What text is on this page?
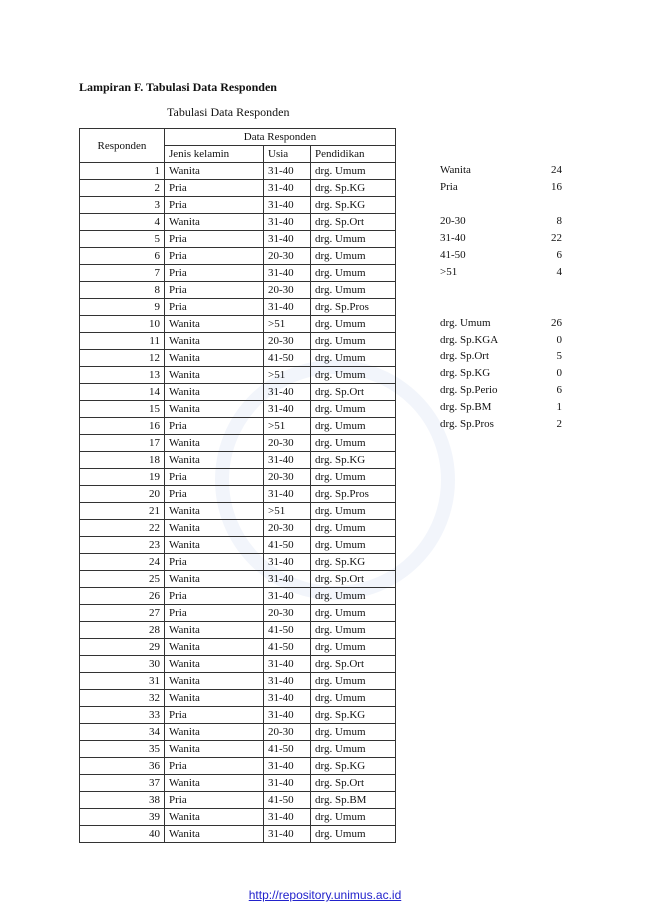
Lampiran F. Tabulasi Data Responden
Tabulasi Data Responden
Responden	Data Responden		
	Jenis kelamin	Usia	Pendidikan
1	Wanita	31-40	drg. Umum
2	Pria	31-40	drg. Sp.KG
3	Pria	31-40	drg. Sp.KG
4	Wanita	31-40	drg. Sp.Ort
5	Pria	31-40	drg. Umum
6	Pria	20-30	drg. Umum
7	Pria	31-40	drg. Umum
8	Pria	20-30	drg. Umum
9	Pria	31-40	drg. Sp.Pros
10	Wanita	>51	drg. Umum
11	Wanita	20-30	drg. Umum
12	Wanita	41-50	drg. Umum
13	Wanita	>51	drg. Umum
14	Wanita	31-40	drg. Sp.Ort
15	Wanita	31-40	drg. Umum
16	Pria	>51	drg. Umum
17	Wanita	20-30	drg. Umum
18	Wanita	31-40	drg. Sp.KG
19	Pria	20-30	drg. Umum
20	Pria	31-40	drg. Sp.Pros
21	Wanita	>51	drg. Umum
22	Wanita	20-30	drg. Umum
23	Wanita	41-50	drg. Umum
24	Pria	31-40	drg. Sp.KG
25	Wanita	31-40	drg. Sp.Ort
26	Pria	31-40	drg. Umum
27	Pria	20-30	drg. Umum
28	Wanita	41-50	drg. Umum
29	Wanita	41-50	drg. Umum
30	Wanita	31-40	drg. Sp.Ort
31	Wanita	31-40	drg. Umum
32	Wanita	31-40	drg. Umum
33	Pria	31-40	drg. Sp.KG
34	Wanita	20-30	drg. Umum
35	Wanita	41-50	drg. Umum
36	Pria	31-40	drg. Sp.KG
37	Wanita	31-40	drg. Sp.Ort
38	Pria	41-50	drg. Sp.BM
39	Wanita	31-40	drg. Umum
40	Wanita	31-40	drg. Umum
Wanita	24
Pria	16
20-30	8
31-40	22
41-50	6
>51	4
drg. Umum	26
drg. Sp.KGA	0
drg. Sp.Ort	5
drg. Sp.KG	0
drg. Sp.Perio	6
drg. Sp.BM	1
drg. Sp.Pros	2
http://repository.unimus.ac.id
